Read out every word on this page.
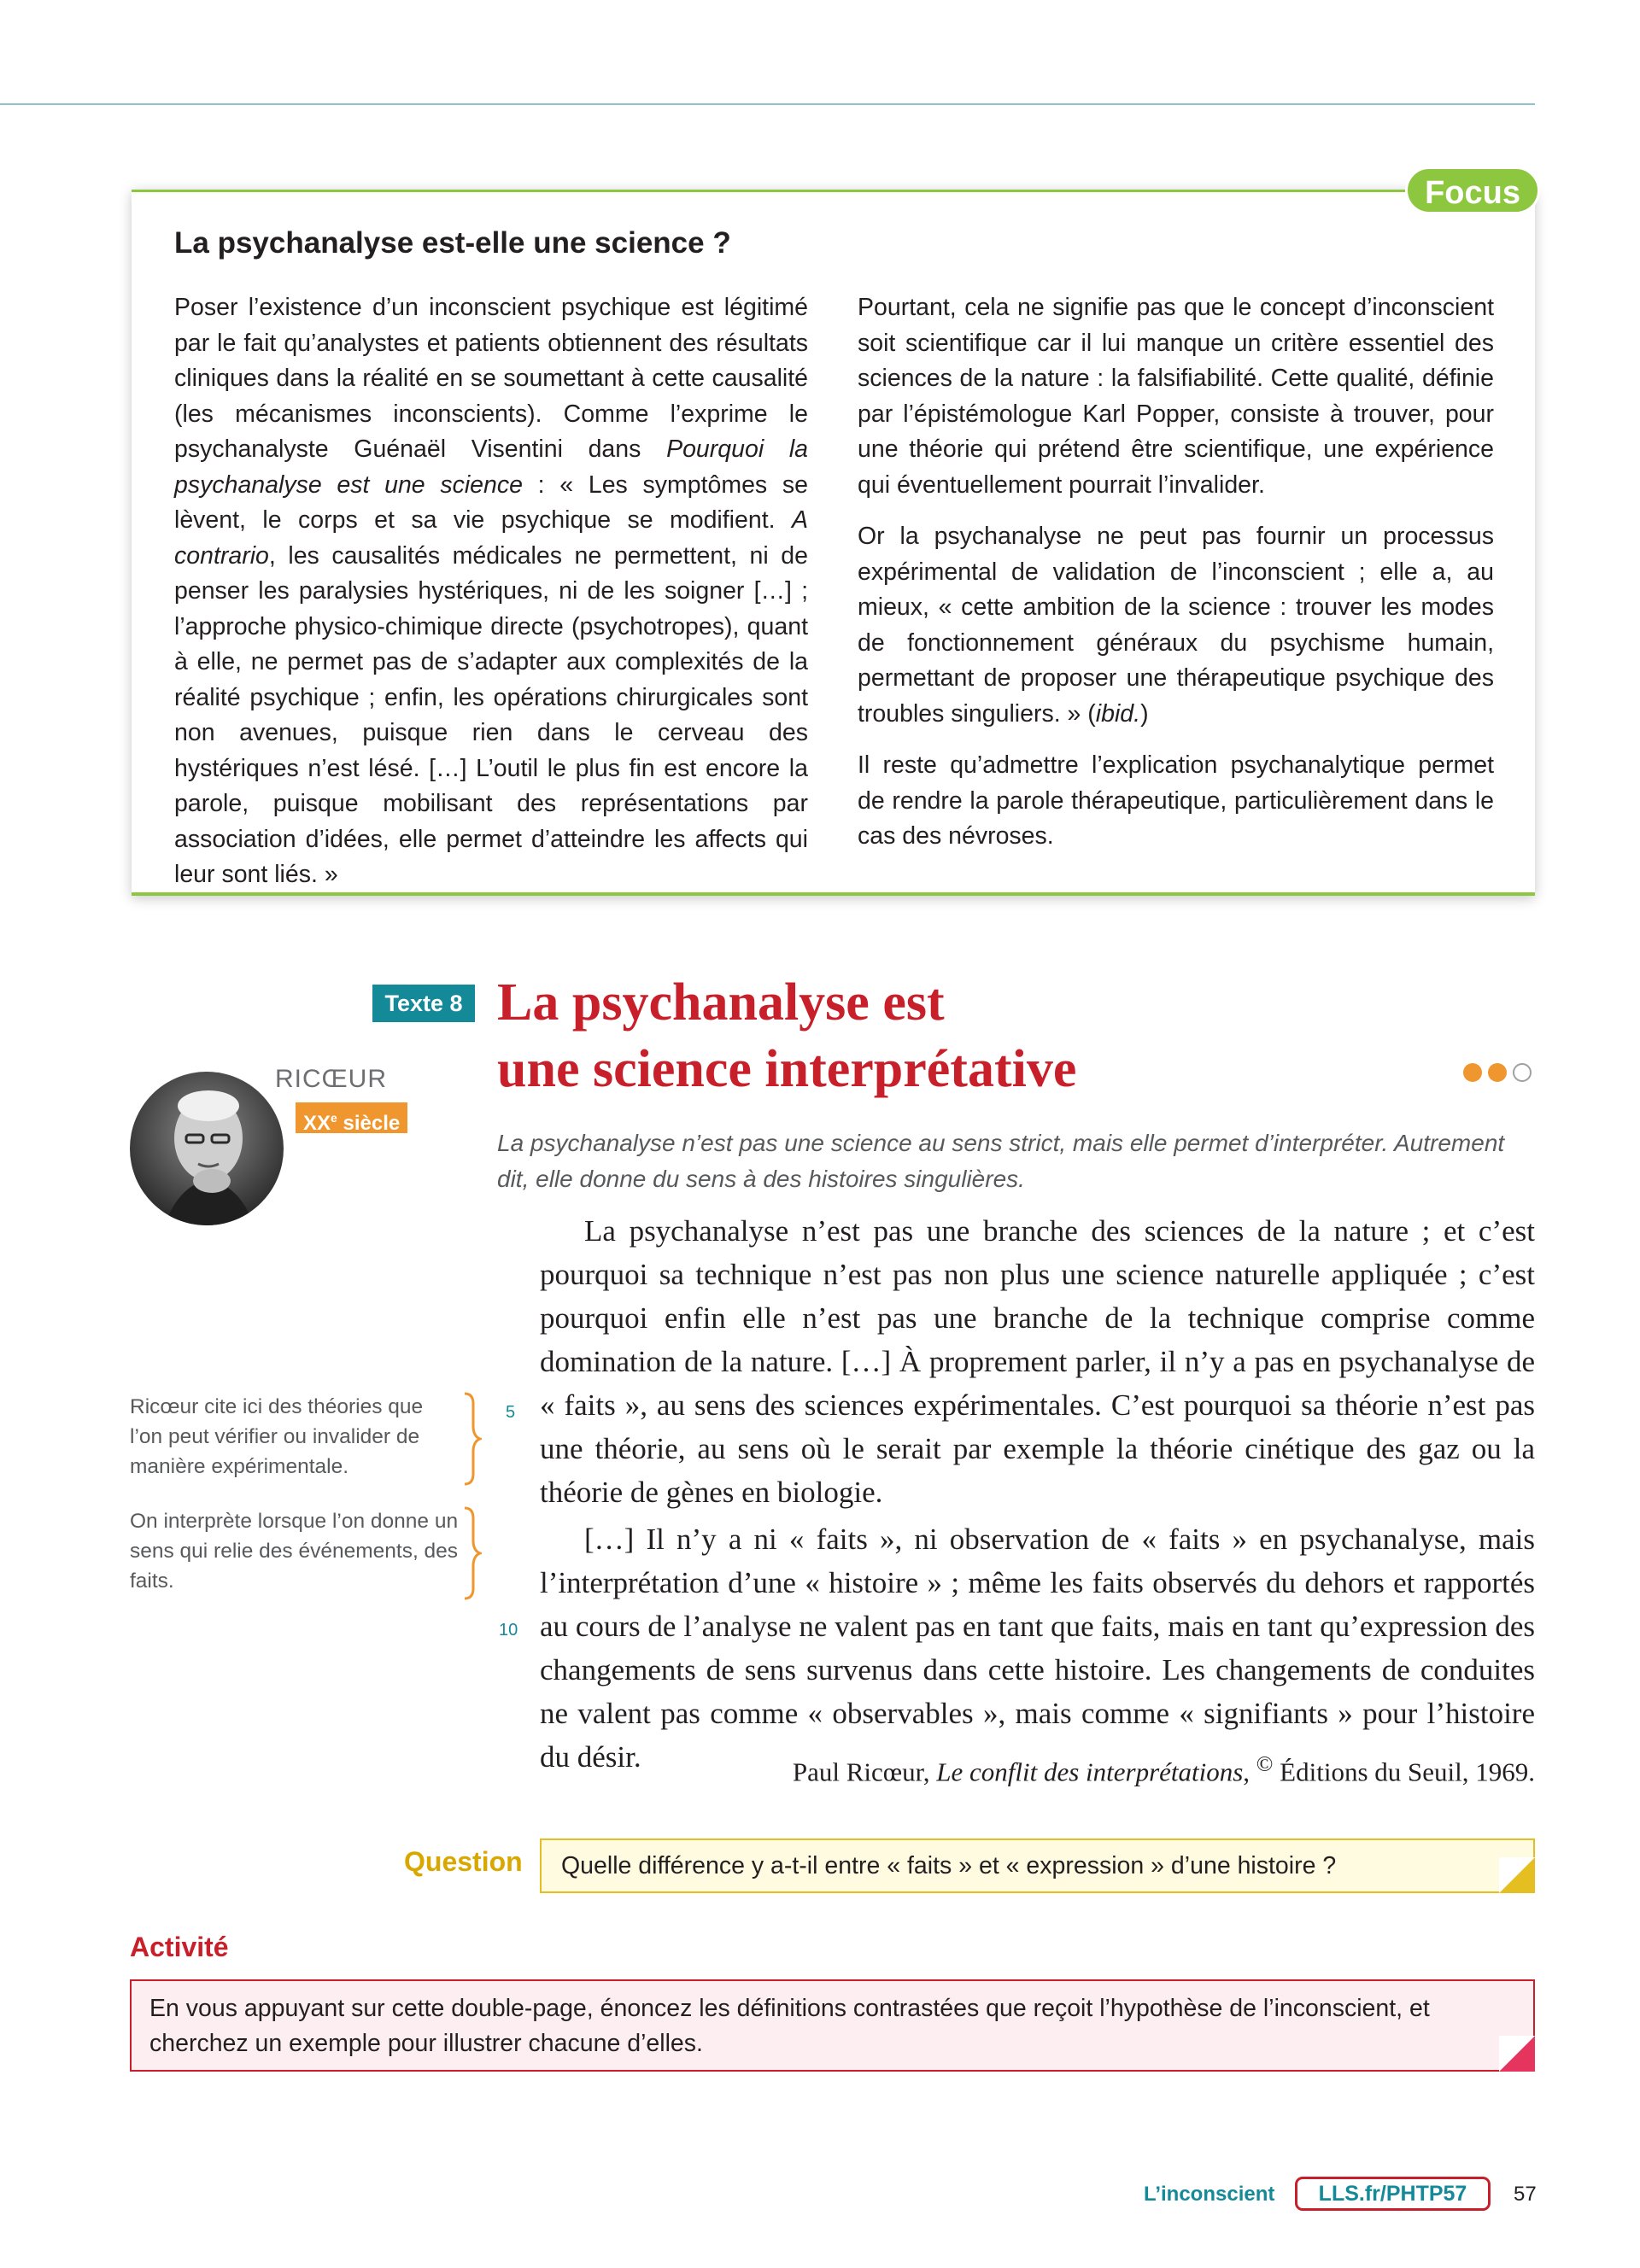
Focus
La psychanalyse est-elle une science ?

Poser l’existence d’un inconscient psychique est légitimé par le fait qu’analystes et patients obtiennent des résultats cliniques dans la réalité en se soumettant à cette causalité (les mécanismes inconscients). Comme l’exprime le psychanalyste Guénaël Visentini dans Pourquoi la psychanalyse est une science : « Les symptômes se lèvent, le corps et sa vie psychique se modifient. A contrario, les causalités médicales ne permettent, ni de penser les paralysies hystériques, ni de les soigner […] ; l’approche physico-chimique directe (psychotropes), quant à elle, ne permet pas de s’adapter aux complexités de la réalité psychique ; enfin, les opérations chirurgicales sont non avenues, puisque rien dans le cerveau des hystériques n’est lésé. […] L’outil le plus fin est encore la parole, puisque mobilisant des représentations par association d’idées, elle permet d’atteindre les affects qui leur sont liés. »

Pourtant, cela ne signifie pas que le concept d’inconscient soit scientifique car il lui manque un critère essentiel des sciences de la nature : la falsifiabilité. Cette qualité, définie par l’épistémologue Karl Popper, consiste à trouver, pour une théorie qui prétend être scientifique, une expérience qui éventuellement pourrait l’invalider.

Or la psychanalyse ne peut pas fournir un processus expérimental de validation de l’inconscient ; elle a, au mieux, « cette ambition de la science : trouver les modes de fonctionnement généraux du psychisme humain, permettant de proposer une thérapeutique psychique des troubles singuliers. » (ibid.)

Il reste qu’admettre l’explication psychanalytique permet de rendre la parole thérapeutique, particulièrement dans le cas des névroses.

Texte 8 La psychanalyse est
une science interprétative
RICŒUR
XXe siècle

La psychanalyse n’est pas une science au sens strict, mais elle permet d’interpréter. Autrement dit, elle donne du sens à des histoires singulières.

La psychanalyse n’est pas une branche des sciences de la nature ; et c’est pourquoi sa technique n’est pas non plus une science naturelle appliquée ; c’est pourquoi enfin elle n’est pas une branche de la technique comprise comme domination de la nature. […] À proprement parler, il n’y a pas en psychanalyse de « faits », au sens des sciences expérimentales. C’est pourquoi sa théorie n’est pas une théorie, au sens où le serait par exemple la théorie cinétique des gaz ou la théorie de gènes en biologie.

[…] Il n’y a ni « faits », ni observation de « faits » en psychanalyse, mais l’interprétation d’une « histoire » ; même les faits observés du dehors et rapportés au cours de l’analyse ne valent pas en tant que faits, mais en tant qu’expression des changements de sens survenus dans cette histoire. Les changements de conduites ne valent pas comme « observables », mais comme « signifiants » pour l’histoire du désir.

5
10

Ricœur cite ici des théories que l’on peut vérifier ou invalider de manière expérimentale.

On interprète lorsque l’on donne un sens qui relie des événements, des faits.

Paul Ricœur, Le conflit des interprétations, © Éditions du Seuil, 1969.
Question	Quelle différence y a-t-il entre « faits » et « expression » d’une histoire ?
Activité
En vous appuyant sur cette double-page, énoncez les définitions contrastées que reçoit l’hypothèse de l’inconscient, et cherchez un exemple pour illustrer chacune d’elles.
L’inconscient	LLS.fr/PHTP57	57
